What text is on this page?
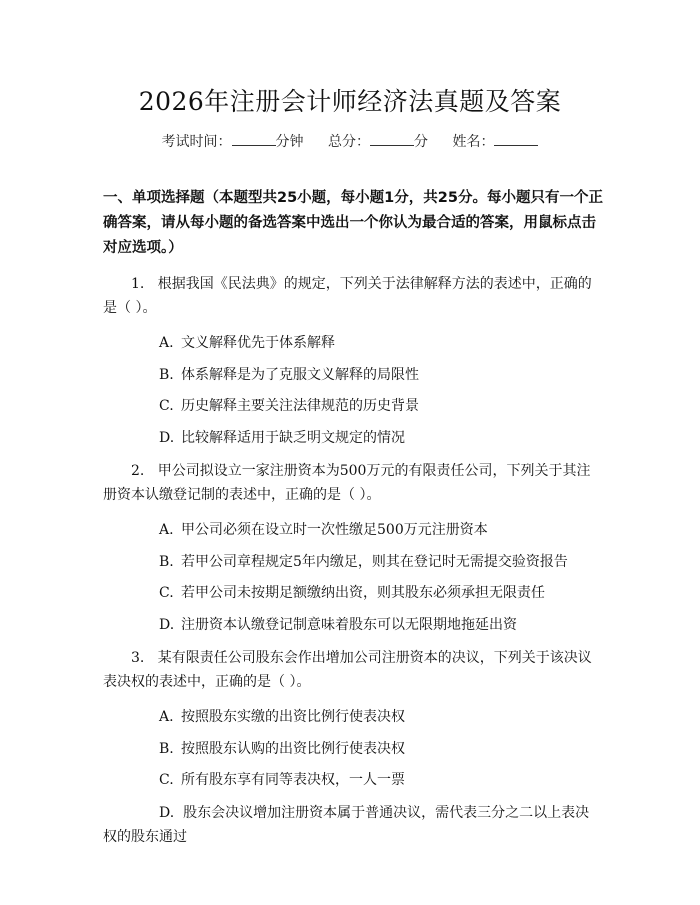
2026年注册会计师经济法真题及答案
考试时间：	分钟 总分：	分 姓名：

一、单项选择题（本题型共25小题，每小题1分，共25分。每小题只有一个正确答案，请从每小题的备选答案中选出一个你认为最合适的答案，用鼠标点击对应选项。）

1. 根据我国《民法典》的规定，下列关于法律解释方法的表述中，正确的是（ ）。

A. 文义解释优先于体系解释
B. 体系解释是为了克服文义解释的局限性
C. 历史解释主要关注法律规范的历史背景
D. 比较解释适用于缺乏明文规定的情况

2. 甲公司拟设立一家注册资本为500万元的有限责任公司，下列关于其注册资本认缴登记制的表述中，正确的是（ ）。

A. 甲公司必须在设立时一次性缴足500万元注册资本
B. 若甲公司章程规定5年内缴足，则其在登记时无需提交验资报告
C. 若甲公司未按期足额缴纳出资，则其股东必须承担无限责任
D. 注册资本认缴登记制意味着股东可以无限期地拖延出资

3. 某有限责任公司股东会作出增加公司注册资本的决议，下列关于该决议表决权的表述中，正确的是（ ）。

A. 按照股东实缴的出资比例行使表决权
B. 按照股东认购的出资比例行使表决权
C. 所有股东享有同等表决权，一人一票

D. 股东会决议增加注册资本属于普通决议，需代表三分之二以上表决权的股东通过
